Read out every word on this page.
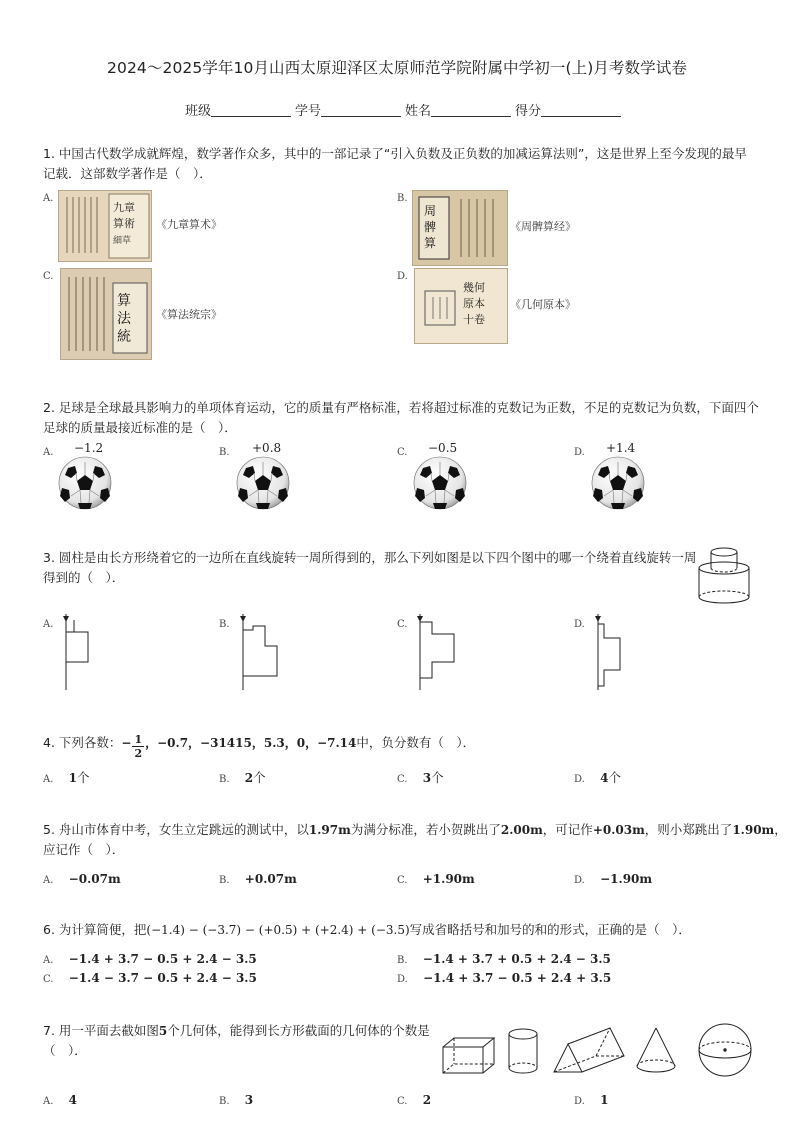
2024～2025学年10月山西太原迎泽区太原师范学院附属中学初一(上)月考数学试卷
班级	学号	姓名	得分
1. 中国古代数学成就辉煌，数学著作众多，其中的一部记录了“引入负数及正负数的加减运算法则”，这是世界上至今发现的最早
记载．这部数学著作是（　）．
A.
九章
算術
細草
《九章算术》
B.
周
髀
算
《周髀算经》
C.
算
法
統
《算法统宗》
D.
幾何
原本
十卷
《几何原本》
2. 足球是全球最具影响力的单项体育运动，它的质量有严格标准，若将超过标准的克数记为正数，不足的克数记为负数，下面四个
足球的质量最接近标准的是（　）．
A. −1.2	B. +0.8	C. −0.5	D. +1.4
3. 圆柱是由长方形绕着它的一边所在直线旋转一周所得到的，那么下列如图是以下四个图中的哪一个绕着直线旋转一周
得到的（　）．
A.	B.	C.	D.
4. 下列各数：− $\frac{1}{2}$ ，−0.7，−31415，5.3，0，−7.14中，负分数有（　）．
A. 1个	B. 2个	C. 3个	D. 4个
5. 舟山市体育中考，女生立定跳远的测试中，以1.97m为满分标准，若小贺跳出了2.00m，可记作+0.03m，则小郑跳出了1.90m，
应记作（　）．
A. −0.07m	B. +0.07m	C. +1.90m	D. −1.90m
6. 为计算简便，把(−1.4) − (−3.7) − (+0.5) + (+2.4) + (−3.5)写成省略括号和加号的和的形式，正确的是（　）．
A. −1.4 + 3.7 − 0.5 + 2.4 − 3.5	B. −1.4 + 3.7 + 0.5 + 2.4 − 3.5
C. −1.4 − 3.7 − 0.5 + 2.4 − 3.5	D. −1.4 + 3.7 − 0.5 + 2.4 + 3.5
7. 用一平面去截如图5个几何体，能得到长方形截面的几何体的个数是
（　）．
A. 4	B. 3	C. 2	D. 1
